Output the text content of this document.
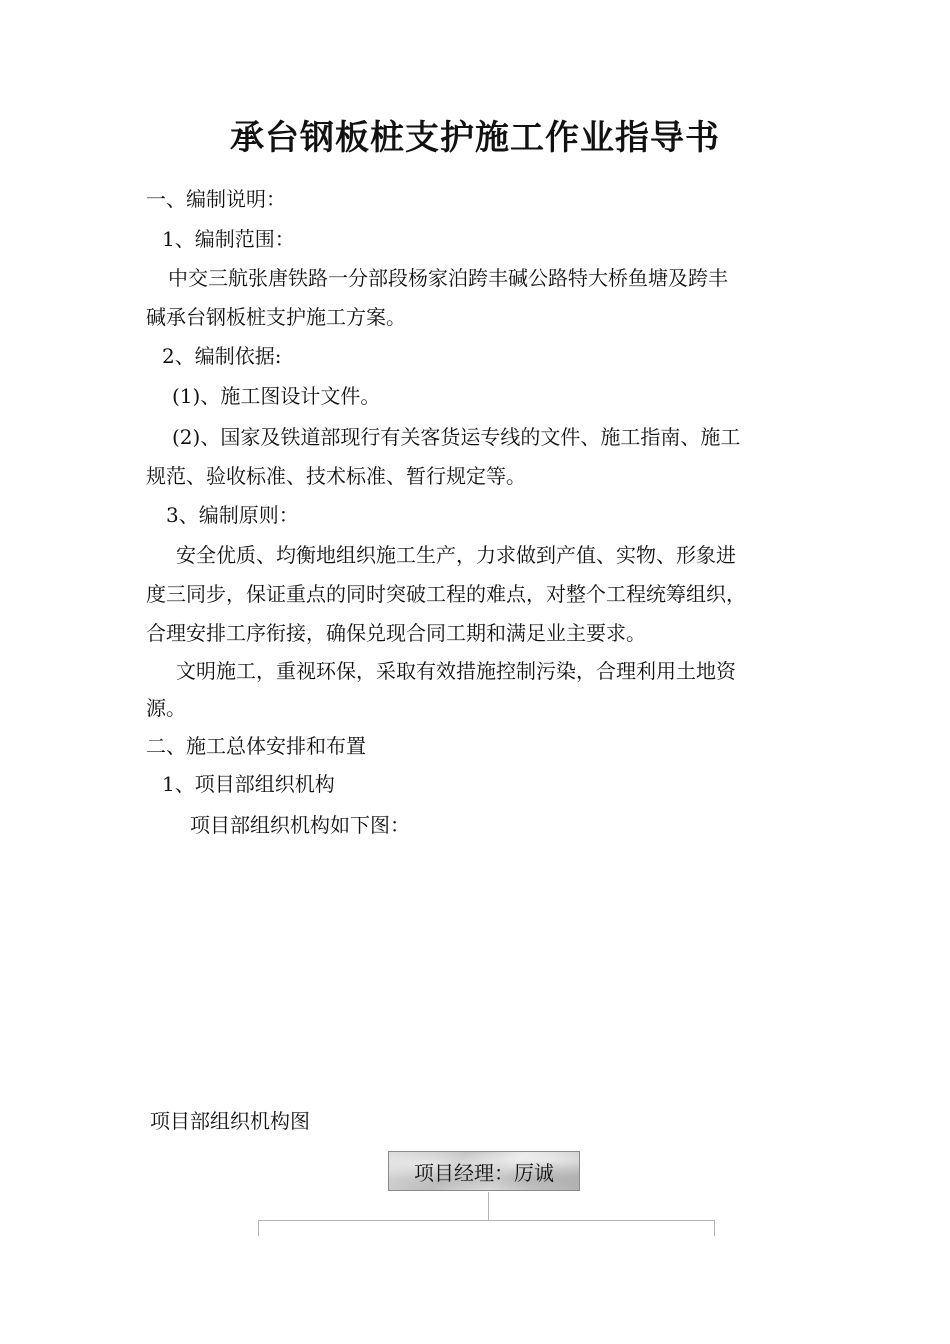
承台钢板桩支护施工作业指导书
一、编制说明：
1、编制范围：
中交三航张唐铁路一分部段杨家泊跨丰碱公路特大桥鱼塘及跨丰
碱承台钢板桩支护施工方案。
2、编制依据:
(1)、施工图设计文件。
(2)、国家及铁道部现行有关客货运专线的文件、施工指南、施工
规范、验收标准、技术标准、暂行规定等。
3、编制原则：
安全优质、均衡地组织施工生产，力求做到产值、实物、形象进
度三同步，保证重点的同时突破工程的难点，对整个工程统筹组织，
合理安排工序衔接，确保兑现合同工期和满足业主要求。
文明施工，重视环保，采取有效措施控制污染，合理利用土地资
源。
二、施工总体安排和布置
1、项目部组织机构
项目部组织机构如下图：
项目部组织机构图
项目经理：厉诚
